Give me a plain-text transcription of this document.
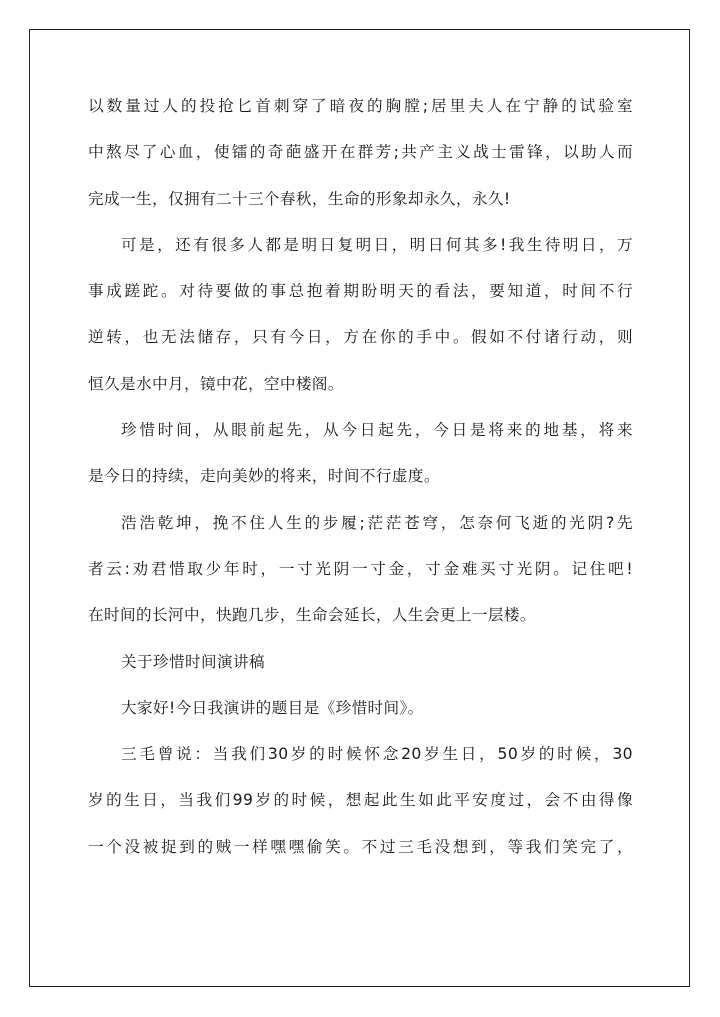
以数量过人的投抢匕首刺穿了暗夜的胸膛;居里夫人在宁静的试验室
中熬尽了心血，使镭的奇葩盛开在群芳;共产主义战士雷锋，以助人而
完成一生，仅拥有二十三个春秋，生命的形象却永久，永久!
可是，还有很多人都是明日复明日，明日何其多!我生待明日，万
事成蹉跎。对待要做的事总抱着期盼明天的看法，要知道，时间不行
逆转，也无法储存，只有今日，方在你的手中。假如不付诸行动，则
恒久是水中月，镜中花，空中楼阁。
珍惜时间，从眼前起先，从今日起先，今日是将来的地基，将来
是今日的持续，走向美妙的将来，时间不行虚度。
浩浩乾坤，挽不住人生的步履;茫茫苍穹，怎奈何飞逝的光阴?先
者云:劝君惜取少年时，一寸光阴一寸金，寸金难买寸光阴。记住吧!
在时间的长河中，快跑几步，生命会延长，人生会更上一层楼。
关于珍惜时间演讲稿
大家好!今日我演讲的题目是《珍惜时间》。
三毛曾说：当我们30岁的时候怀念20岁生日，50岁的时候，30
岁的生日，当我们99岁的时候，想起此生如此平安度过，会不由得像
一个没被捉到的贼一样嘿嘿偷笑。不过三毛没想到，等我们笑完了，
